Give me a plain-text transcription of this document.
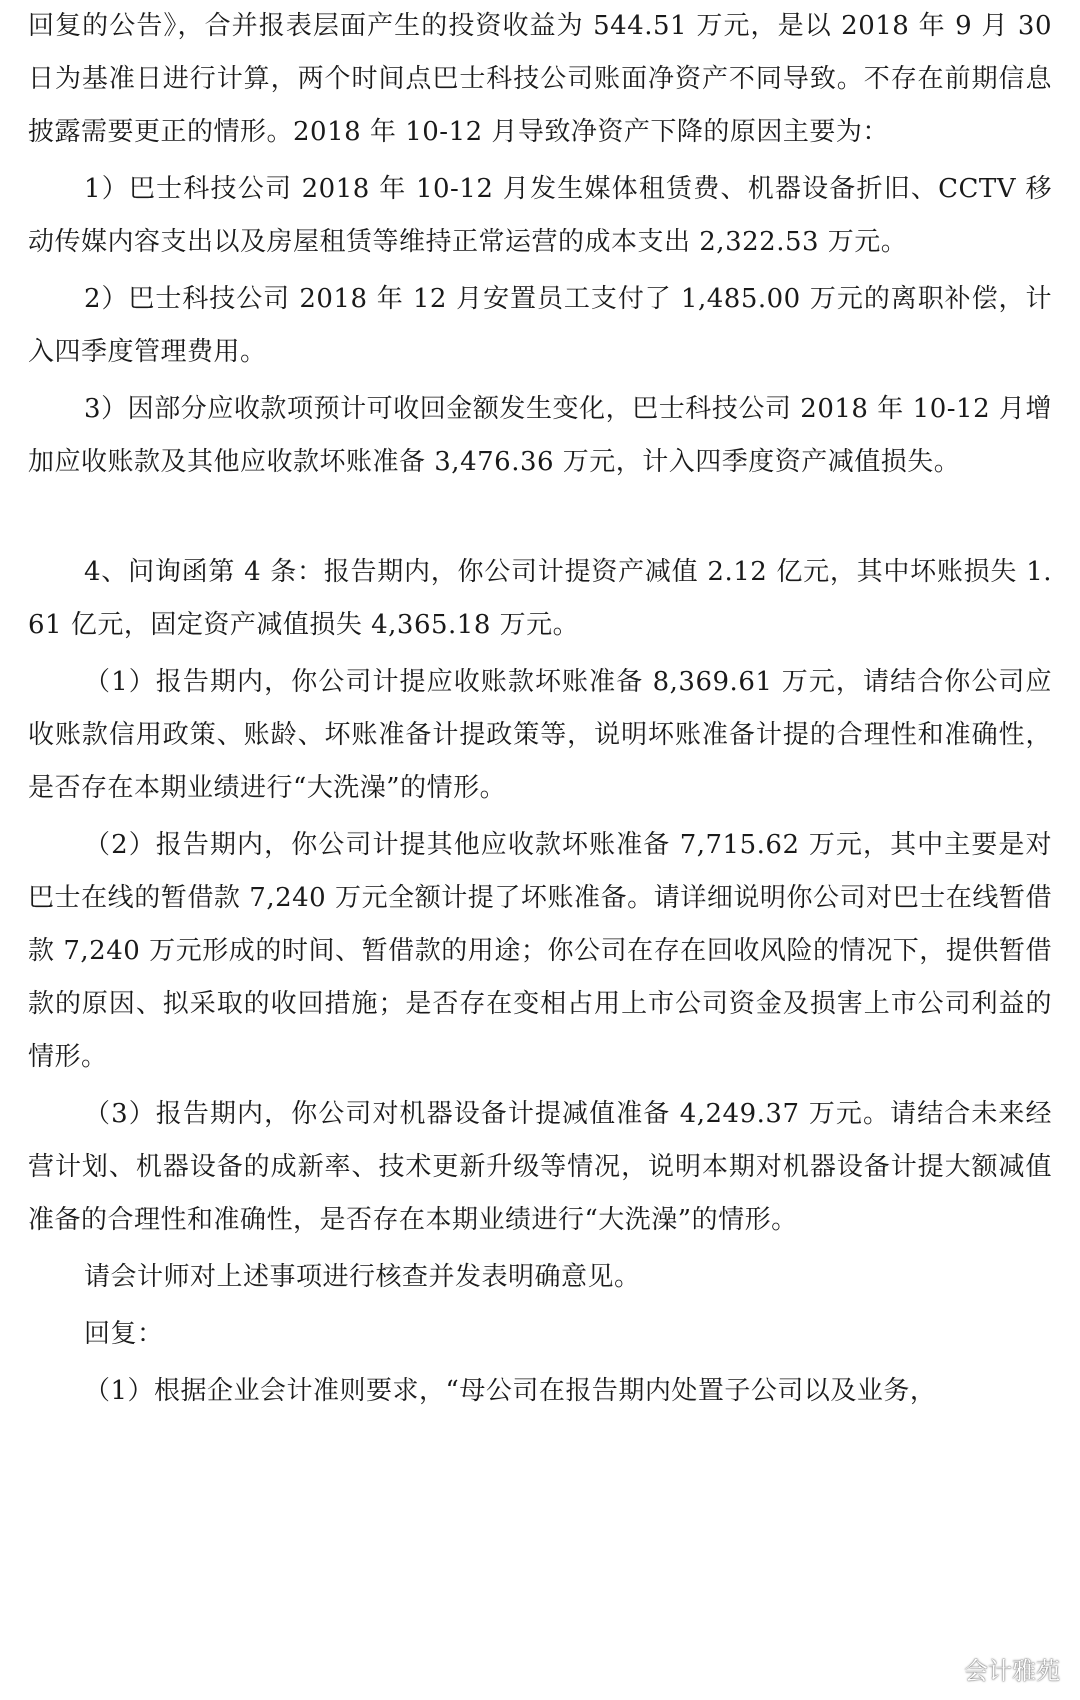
回复的公告》，合并报表层面产生的投资收益为 544.51 万元，是以 2018 年 9 月 30 日为基准日进行计算，两个时间点巴士科技公司账面净资产不同导致。不存在前期信息披露需要更正的情形。2018 年 10-12 月导致净资产下降的原因主要为：

1）巴士科技公司 2018 年 10-12 月发生媒体租赁费、机器设备折旧、CCTV 移动传媒内容支出以及房屋租赁等维持正常运营的成本支出 2,322.53 万元。

2）巴士科技公司 2018 年 12 月安置员工支付了 1,485.00 万元的离职补偿，计入四季度管理费用。

3）因部分应收款项预计可收回金额发生变化，巴士科技公司 2018 年 10-12 月增加应收账款及其他应收款坏账准备 3,476.36 万元，计入四季度资产减值损失。

4、问询函第 4 条：报告期内，你公司计提资产减值 2.12 亿元，其中坏账损失 1.61 亿元，固定资产减值损失 4,365.18 万元。

（1）报告期内，你公司计提应收账款坏账准备 8,369.61 万元，请结合你公司应收账款信用政策、账龄、坏账准备计提政策等，说明坏账准备计提的合理性和准确性，是否存在本期业绩进行“大洗澡”的情形。

（2）报告期内，你公司计提其他应收款坏账准备 7,715.62 万元，其中主要是对巴士在线的暂借款 7,240 万元全额计提了坏账准备。请详细说明你公司对巴士在线暂借款 7,240 万元形成的时间、暂借款的用途；你公司在存在回收风险的情况下，提供暂借款的原因、拟采取的收回措施；是否存在变相占用上市公司资金及损害上市公司利益的情形。

（3）报告期内，你公司对机器设备计提减值准备 4,249.37 万元。请结合未来经营计划、机器设备的成新率、技术更新升级等情况，说明本期对机器设备计提大额减值准备的合理性和准确性，是否存在本期业绩进行“大洗澡”的情形。

请会计师对上述事项进行核查并发表明确意见。

回复：

（1）根据企业会计准则要求，“母公司在报告期内处置子公司以及业务，

会计雅苑
